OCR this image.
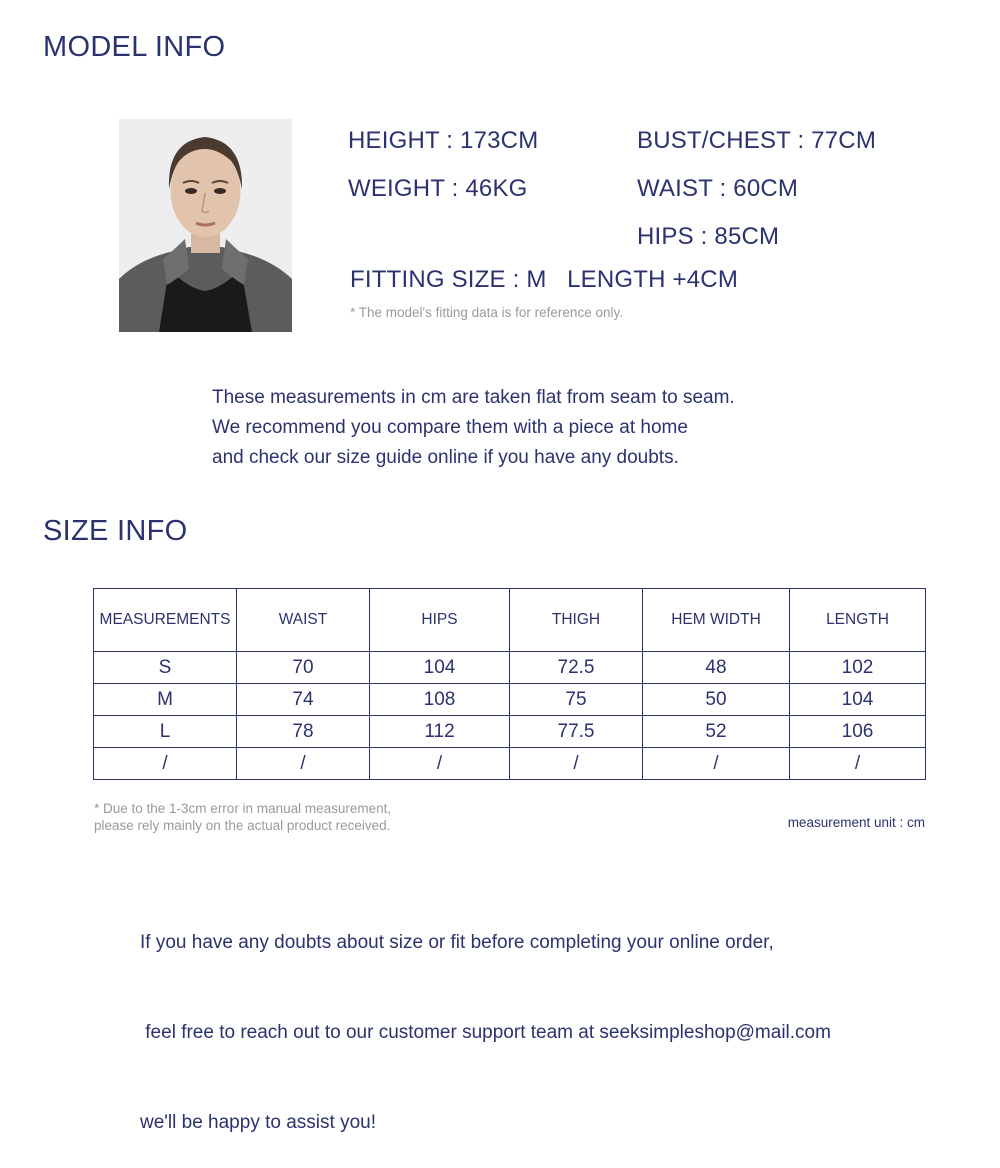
MODEL INFO
HEIGHT : 173CM	BUST/CHEST : 77CM
WEIGHT : 46KG	WAIST : 60CM
HIPS : 85CM
FITTING SIZE : M   LENGTH +4CM
* The model's fitting data is for reference only.
These measurements in cm are taken flat from seam to seam.
We recommend you compare them with a piece at home
and check our size guide online if you have any doubts.
SIZE INFO
MEASUREMENTS	WAIST	HIPS	THIGH	HEM WIDTH	LENGTH
S	70	104	72.5	48	102
M	74	108	75	50	104
L	78	112	77.5	52	106
/	/	/	/	/	/
* Due to the 1-3cm error in manual measurement,
please rely mainly on the actual product received.	measurement unit : cm

If you have any doubts about size or fit before completing your online order,

feel free to reach out to our customer support team at seeksimpleshop@mail.com

we'll be happy to assist you!
